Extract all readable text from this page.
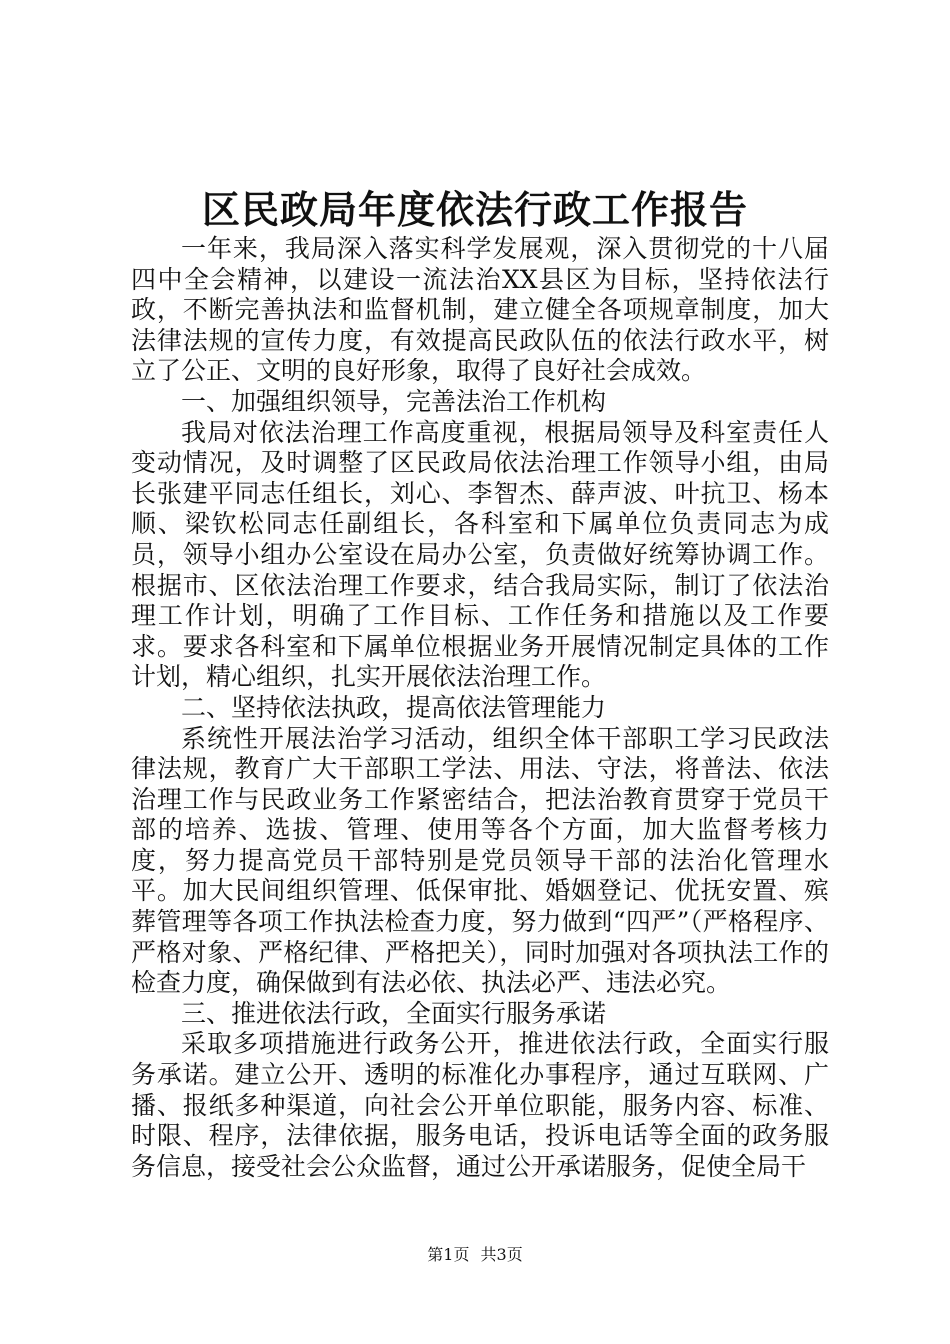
区民政局年度依法行政工作报告

一年来，我局深入落实科学发展观，深入贯彻党的十八届四中全会精神，以建设一流法治XX县区为目标，坚持依法行政，不断完善执法和监督机制，建立健全各项规章制度，加大法律法规的宣传力度，有效提高民政队伍的依法行政水平，树立了公正、文明的良好形象，取得了良好社会成效。

一、加强组织领导，完善法治工作机构

我局对依法治理工作高度重视，根据局领导及科室责任人变动情况，及时调整了区民政局依法治理工作领导小组，由局长张建平同志任组长，刘心、李智杰、薛声波、叶抗卫、杨本顺、梁钦松同志任副组长，各科室和下属单位负责同志为成员，领导小组办公室设在局办公室，负责做好统筹协调工作。根据市、区依法治理工作要求，结合我局实际，制订了依法治理工作计划，明确了工作目标、工作任务和措施以及工作要求。要求各科室和下属单位根据业务开展情况制定具体的工作计划，精心组织，扎实开展依法治理工作。

二、坚持依法执政，提高依法管理能力

系统性开展法治学习活动，组织全体干部职工学习民政法律法规，教育广大干部职工学法、用法、守法，将普法、依法治理工作与民政业务工作紧密结合，把法治教育贯穿于党员干部的培养、选拔、管理、使用等各个方面，加大监督考核力度，努力提高党员干部特别是党员领导干部的法治化管理水平。加大民间组织管理、低保审批、婚姻登记、优抚安置、殡葬管理等各项工作执法检查力度，努力做到“四严”（严格程序、严格对象、严格纪律、严格把关），同时加强对各项执法工作的检查力度，确保做到有法必依、执法必严、违法必究。

三、推进依法行政，全面实行服务承诺

采取多项措施进行政务公开，推进依法行政，全面实行服务承诺。建立公开、透明的标准化办事程序，通过互联网、广播、报纸多种渠道，向社会公开单位职能，服务内容、标准、时限、程序，法律依据，服务电话，投诉电话等全面的政务服务信息，接受社会公众监督，通过公开承诺服务，促使全局干

第1页 共3页
